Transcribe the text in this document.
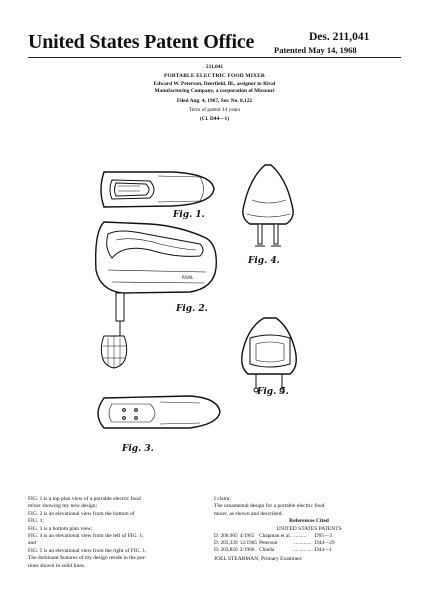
United States Patent Office	Des. 211,041
Patented May 14, 1968
211,041
PORTABLE ELECTRIC FOOD MIXER
Edward W. Peterson, Deerfield, Ill., assignor to Rival
Manufacturing Company, a corporation of Missouri
Filed Aug. 4, 1967, Ser. No. 8,122
Term of patent 14 years
(Cl. D44—1)
RIVAL
Fig. 1.
Fig. 4.
Fig. 2.
Fig. 5.
Fig. 3.

FIG. 1 is a top plan view of a portable electric food

mixer showing my new design;

FIG. 2 is an elevational view from the bottom of

FIG. 1;

FIG. 3 is a bottom plan view;

FIG. 4 is an elevational view from the left of FIG. 1;

and

FIG. 5 is an elevational view from the right of FIG. 1.

The dominant features of my design reside in the por-

tions shown in solid lines.

I claim:

The ornamental design for a portable electric food

mixer, as shown and described.

References Cited

UNITED STATES PATENTS

D. 200,905	4/1965	Chapman et al.	..........	D95—3
D. 203,339	12/1965	Peterson	..............	D44—29
D. 203,850	2/1966	Chieda	...............	D44—1

JOEL STEARMAN, Primary Examiner.
